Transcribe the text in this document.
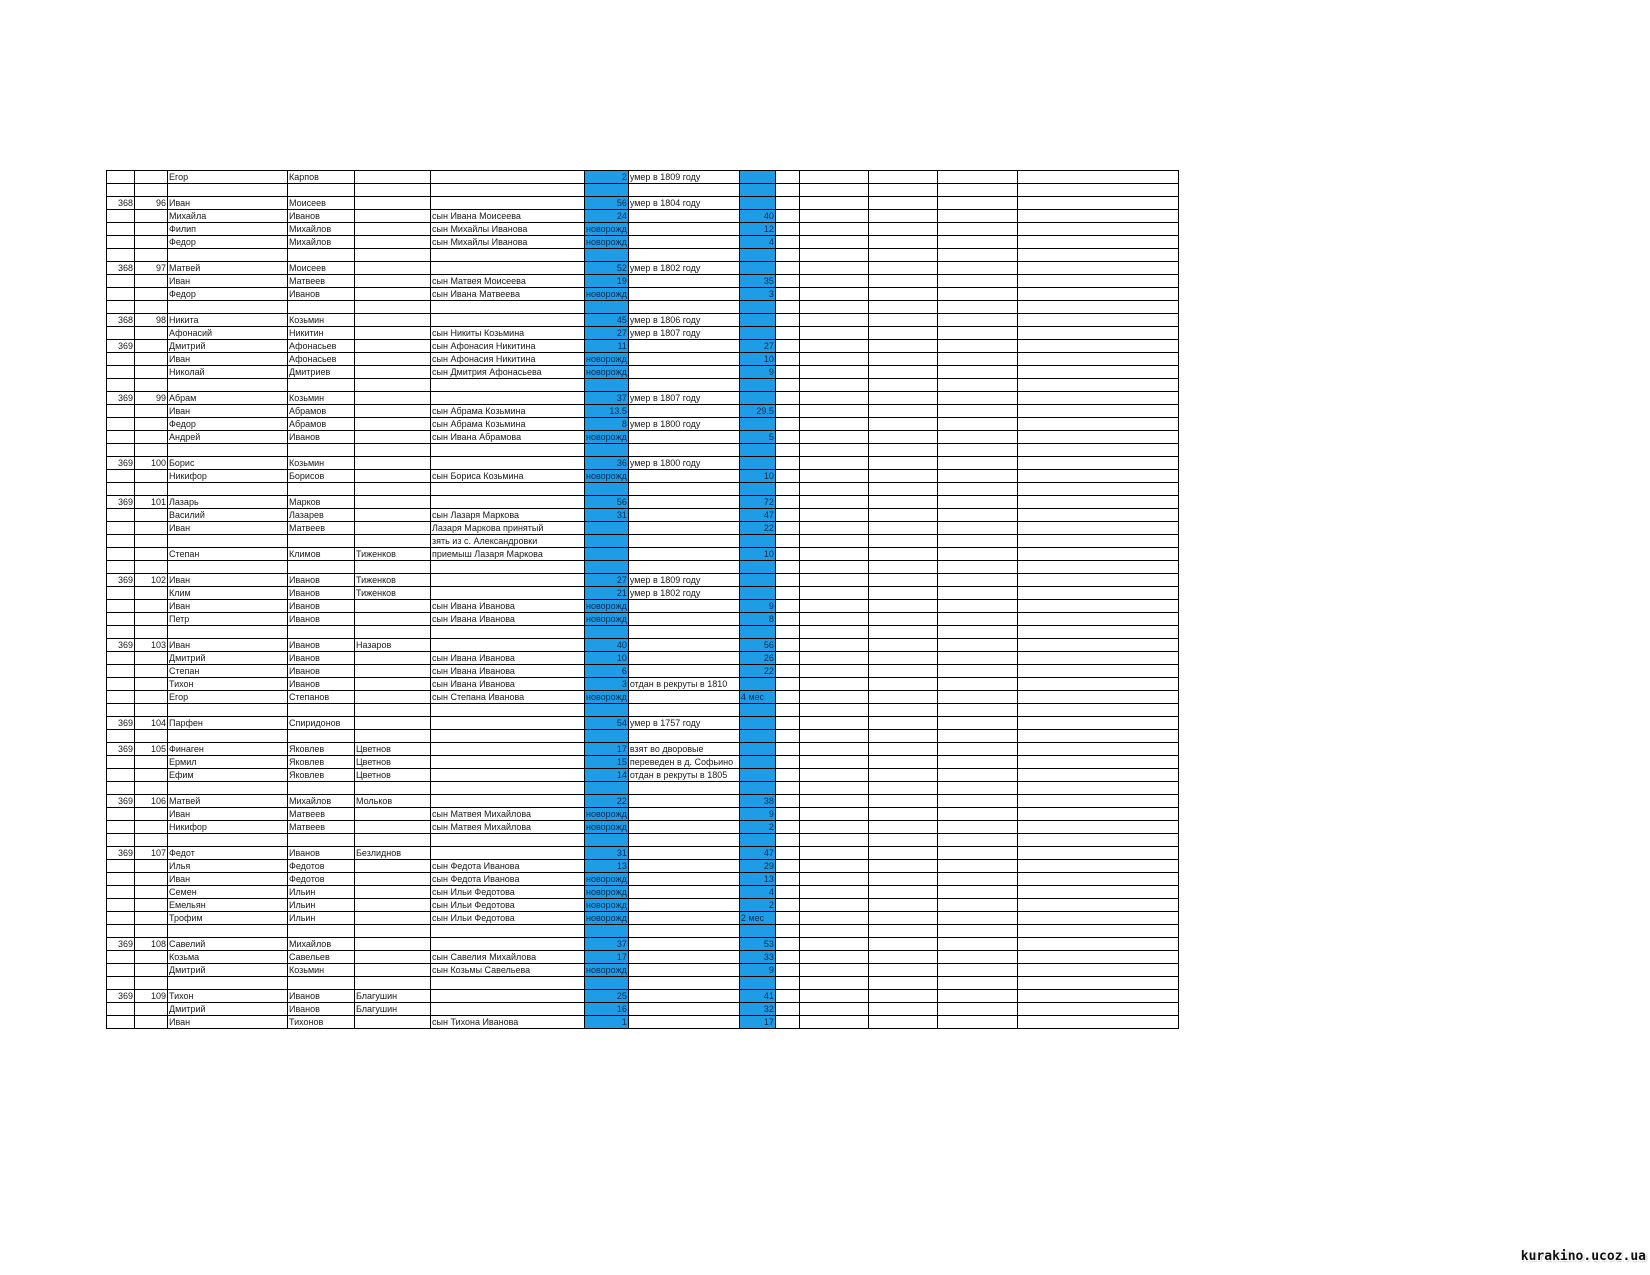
		Егор	Карпов			2	умер в 1809 году						

368	96	Иван	Моисеев			56	умер в 1804 году						
		Михайла	Иванов		сын Ивана Моисеева	24		40					
		Филип	Михайлов		сын Михайлы Иванова	новорожд		12					
		Федор	Михайлов		сын Михайлы Иванова	новорожд		4					

368	97	Матвей	Моисеев			52	умер в 1802 году						
		Иван	Матвеев		сын Матвея Моисеева	19		35					
		Федор	Иванов		сын Ивана Матвеева	новорожд		3					

368	98	Никита	Козьмин			45	умер в 1806 году						
		Афонасий	Никитин		сын Никиты Козьмина	27	умер в 1807 году						
369		Дмитрий	Афонасьев		сын Афонасия Никитина	11		27					
		Иван	Афонасьев		сын Афонасия Никитина	новорожд		10					
		Николай	Дмитриев		сын Дмитрия Афонасьева	новорожд		9					

369	99	Абрам	Козьмин			37	умер в 1807 году						
		Иван	Абрамов		сын Абрама Козьмина	13.5		29.5					
		Федор	Абрамов		сын Абрама Козьмина	8	умер в 1800 году						
		Андрей	Иванов		сын Ивана Абрамова	новорожд		5					

369	100	Борис	Козьмин			36	умер в 1800 году						
		Никифор	Борисов		сын Бориса Козьмина	новорожд		10					

369	101	Лазарь	Марков			56		72					
		Василий	Лазарев		сын Лазаря Маркова	31		47					
		Иван	Матвеев		Лазаря Маркова принятый			22					
					зять из с. Александровки								
		Степан	Климов	Тиженков	приемыш Лазаря Маркова			10					

369	102	Иван	Иванов	Тиженков		27	умер в 1809 году						
		Клим	Иванов	Тиженков		21	умер в 1802 году						
		Иван	Иванов		сын Ивана Иванова	новорожд		9					
		Петр	Иванов		сын Ивана Иванова	новорожд		8					

369	103	Иван	Иванов	Назаров		40		56					
		Дмитрий	Иванов		сын Ивана Иванова	10		26					
		Степан	Иванов		сын Ивана Иванова	6		22					
		Тихон	Иванов		сын Ивана Иванова	3	отдан в рекруты в 1810						
		Егор	Степанов		сын Степана Иванова	новорожд		4 мес					

369	104	Парфен	Спиридонов			54	умер в 1757 году						

369	105	Финаген	Яковлев	Цветнов		17	взят во дворовые						
		Ермил	Яковлев	Цветнов		15	переведен в д. Софьино						
		Ефим	Яковлев	Цветнов		14	отдан в рекруты в 1805						

369	106	Матвей	Михайлов	Мольков		22		38					
		Иван	Матвеев		сын Матвея Михайлова	новорожд		9					
		Никифор	Матвеев		сын Матвея Михайлова	новорожд		2					

369	107	Федот	Иванов	Безлиднов		31		47					
		Илья	Федотов		сын Федота Иванова	13		29					
		Иван	Федотов		сын Федота Иванова	новорожд		13					
		Семен	Ильин		сын Ильи Федотова	новорожд		4					
		Емельян	Ильин		сын Ильи Федотова	новорожд		2					
		Трофим	Ильин		сын Ильи Федотова	новорожд		2 мес					

369	108	Савелий	Михайлов			37		53					
		Козьма	Савельев		сын Савелия Михайлова	17		33					
		Дмитрий	Козьмин		сын Козьмы Савельева	новорожд		9					

369	109	Тихон	Иванов	Благушин		25		41					
		Дмитрий	Иванов	Благушин		16		32					
		Иван	Тихонов		сын Тихона Иванова	1		17					
kurakino.ucoz.ua
